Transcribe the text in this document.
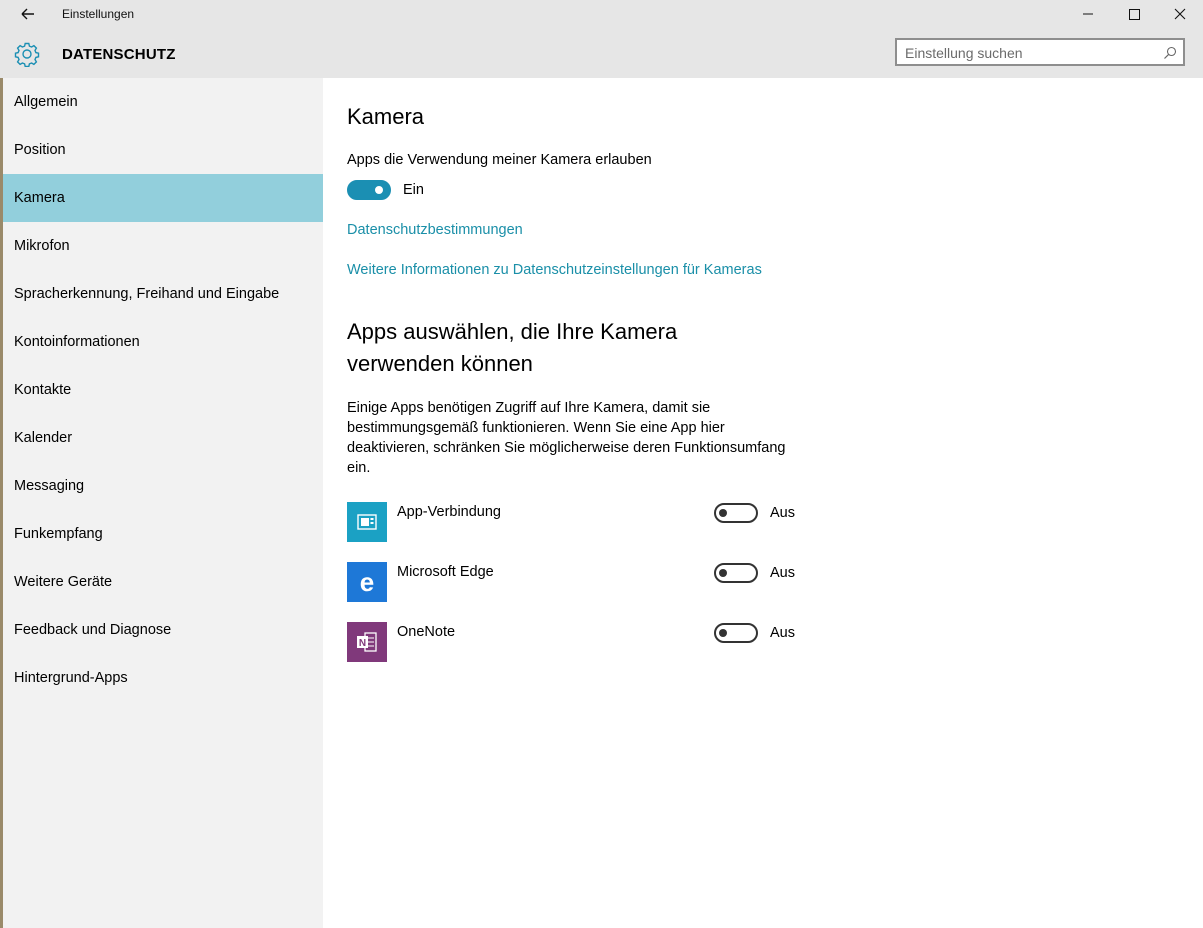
Einstellungen
DATENSCHUTZ
Einstellung suchen
Allgemein
Position
Kamera
Mikrofon
Spracherkennung, Freihand und Eingabe
Kontoinformationen
Kontakte
Kalender
Messaging
Funkempfang
Weitere Geräte
Feedback und Diagnose
Hintergrund-Apps
Kamera
Apps die Verwendung meiner Kamera erlauben
Ein
Datenschutzbestimmungen
Weitere Informationen zu Datenschutzeinstellungen für Kameras
Apps auswählen, die Ihre Kamera verwenden können
Einige Apps benötigen Zugriff auf Ihre Kamera, damit sie bestimmungsgemäß funktionieren. Wenn Sie eine App hier deaktivieren, schränken Sie möglicherweise deren Funktionsumfang ein.
App-Verbindung	Aus
e Microsoft Edge	Aus
N
OneNote	Aus
